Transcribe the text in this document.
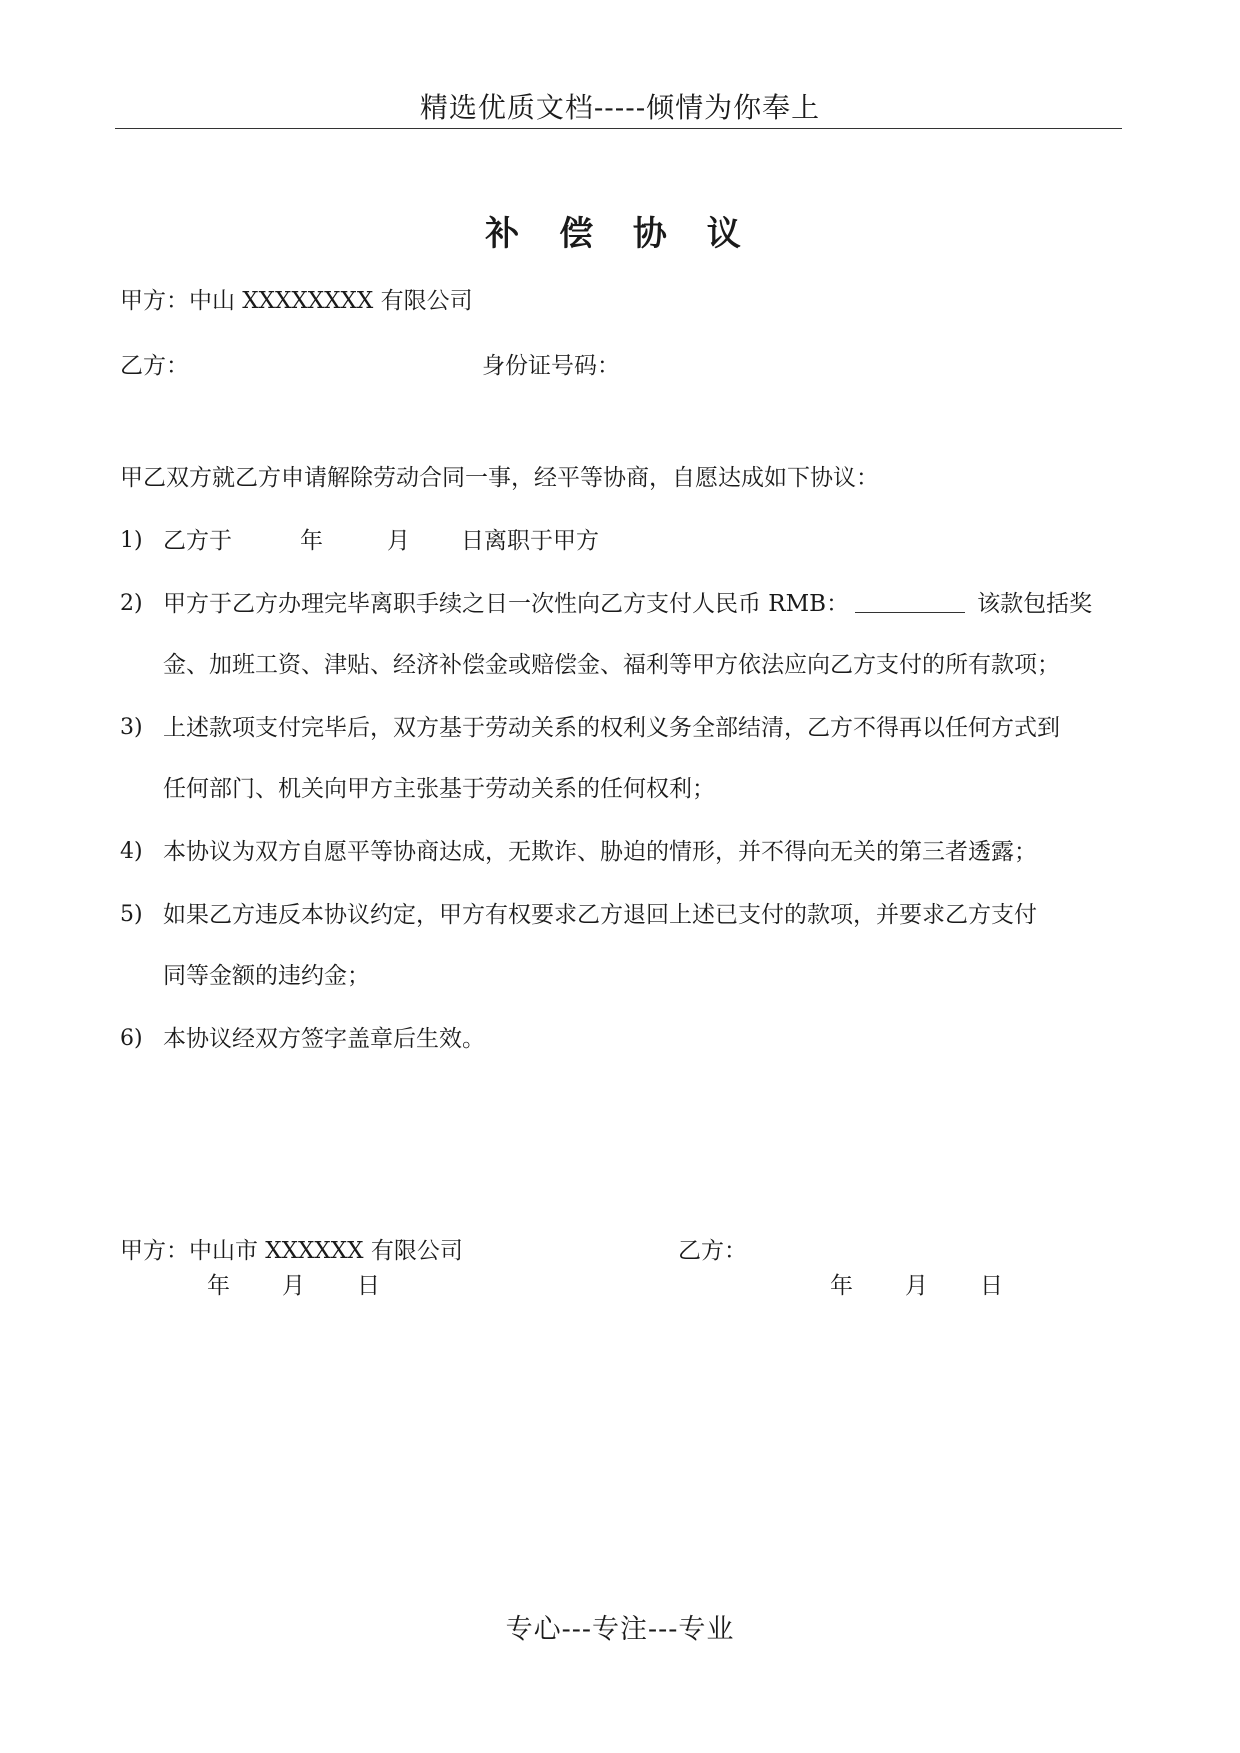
精选优质文档-----倾情为你奉上
补 偿 协 议
甲方：中山 XXXXXXXX 有限公司
乙方：	身份证号码：
甲乙双方就乙方申请解除劳动合同一事，经平等协商，自愿达成如下协议：
1) 乙方于	年	月 日离职于甲方
2) 甲方于乙方办理完毕离职手续之日一次性向乙方支付人民币 RMB：	该款包括奖
金、加班工资、津贴、经济补偿金或赔偿金、福利等甲方依法应向乙方支付的所有款项；
3) 上述款项支付完毕后，双方基于劳动关系的权利义务全部结清，乙方不得再以任何方式到
任何部门、机关向甲方主张基于劳动关系的任何权利；
4) 本协议为双方自愿平等协商达成，无欺诈、胁迫的情形，并不得向无关的第三者透露；
5) 如果乙方违反本协议约定，甲方有权要求乙方退回上述已支付的款项，并要求乙方支付
同等金额的违约金；
6) 本协议经双方签字盖章后生效。
甲方：中山市 XXXXXX 有限公司	乙方：
年 月 日	年 月 日
专心---专注---专业
